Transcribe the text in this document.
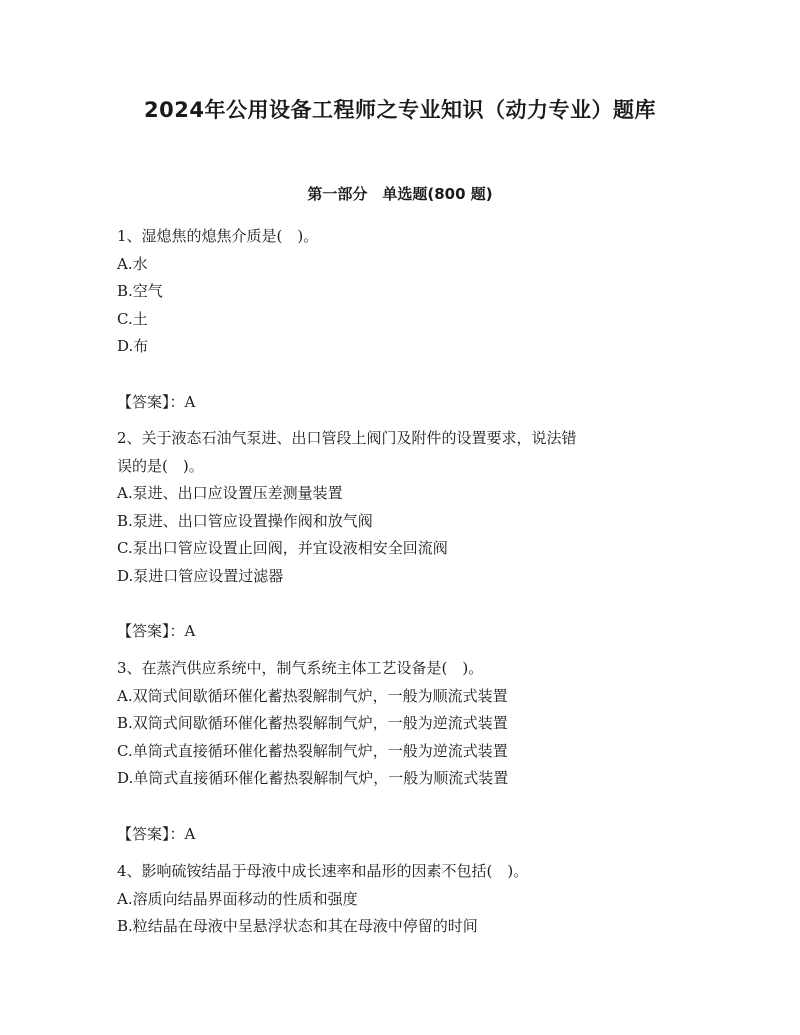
2024年公用设备工程师之专业知识（动力专业）题库
第一部分　单选题(800 题)

1、湿熄焦的熄焦介质是(　)。

A.水

B.空气

C.土

D.布

【答案】：A

2、关于液态石油气泵进、出口管段上阀门及附件的设置要求，说法错

误的是(　)。

A.泵进、出口应设置压差测量装置

B.泵进、出口管应设置操作阀和放气阀

C.泵出口管应设置止回阀，并宜设液相安全回流阀

D.泵进口管应设置过滤器

【答案】：A

3、在蒸汽供应系统中，制气系统主体工艺设备是(　)。

A.双筒式间歇循环催化蓄热裂解制气炉，一般为顺流式装置

B.双筒式间歇循环催化蓄热裂解制气炉，一般为逆流式装置

C.单筒式直接循环催化蓄热裂解制气炉，一般为逆流式装置

D.单筒式直接循环催化蓄热裂解制气炉，一般为顺流式装置

【答案】：A

4、影响硫铵结晶于母液中成长速率和晶形的因素不包括(　)。

A.溶质向结晶界面移动的性质和强度

B.粒结晶在母液中呈悬浮状态和其在母液中停留的时间
